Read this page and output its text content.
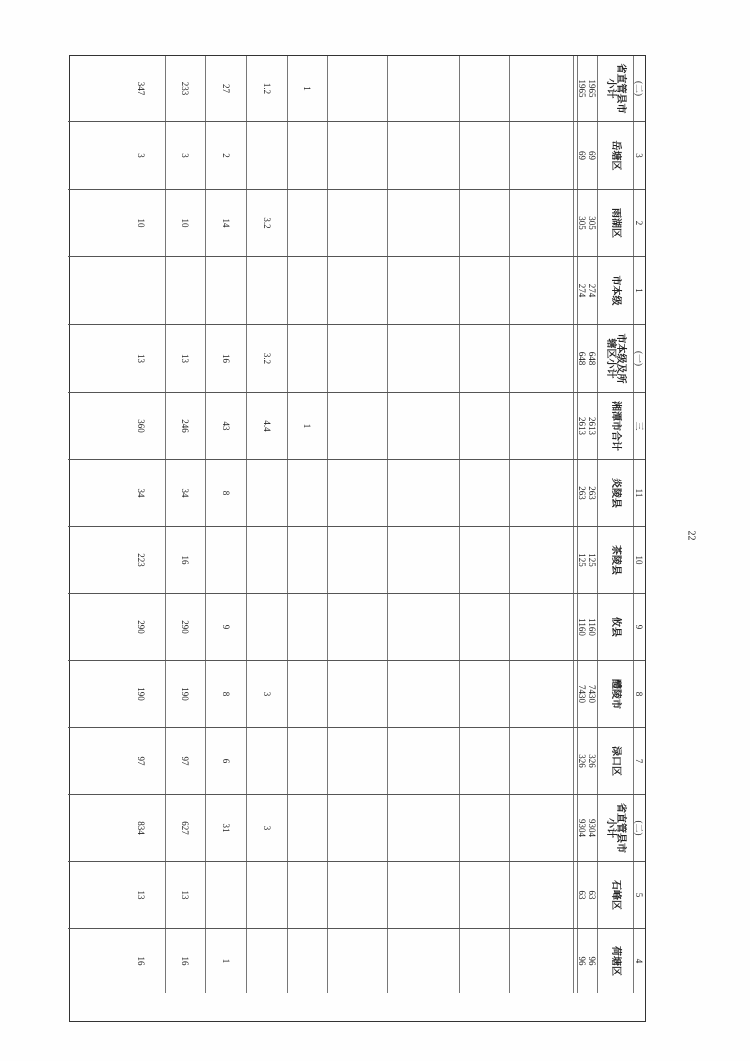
(二)
省直管县市小计
1965
1965
1
1.2
27
233
347
3
岳塘区
69
69
2
3
3
2
雨湖区
305
305
3.2
14
10
10
1
市本级
274
274
(一)
市本级及所辖区小计
648
648
3.2
16
13
13
三
湘潭市合计
2613
2613
1
4.4
43
246
360
11
炎陵县
263
263
8
34
34
10
茶陵县
125
125
16
223
9
攸县
1160
1160
9
290
290
8
醴陵市
7430
7430
3
8
190
190
7
渌口区
326
326
6
97
97
(二)
省直管县市小计
9304
9304
3
31
627
834
5
石峰区
63
63
13
13
4
荷塘区
96
96
1
16
16
22
